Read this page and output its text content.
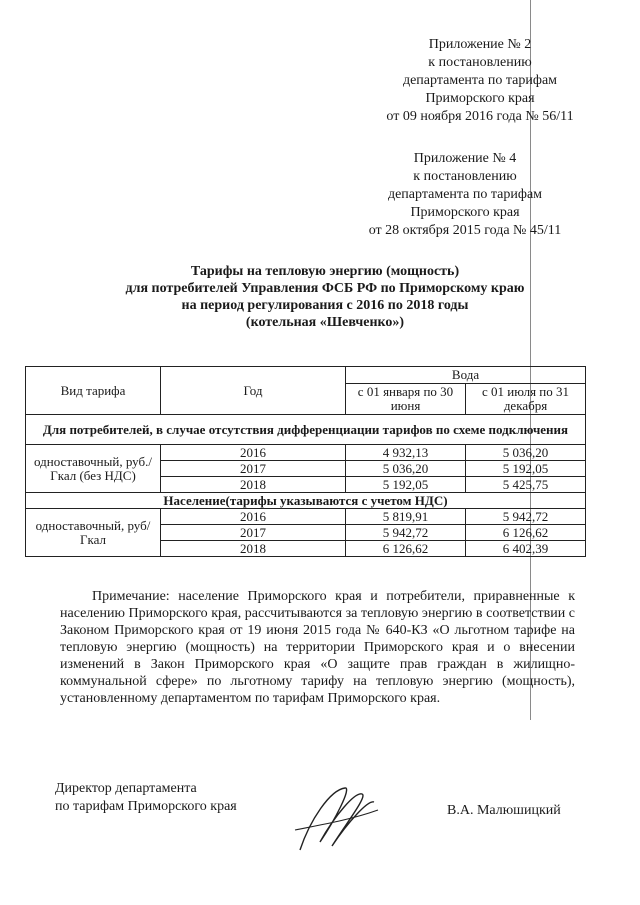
Приложение № 2
к постановлению
департамента по тарифам
Приморского края
от 09 ноября 2016 года № 56/11
Приложение № 4
к постановлению
департамента по тарифам
Приморского края
от 28 октября 2015 года № 45/11
Тарифы на тепловую энергию (мощность)
для потребителей Управления ФСБ РФ по Приморскому краю
на период регулирования с 2016 по 2018 годы
(котельная «Шевченко»)
Вид тарифа	Год	Вода	
		с 01 января по 30 июня	с 01 июля по 31 декабря
Для потребителей, в случае отсутствия дифференциации тарифов по схеме подключения			
одноставочный, руб./Гкал (без НДС)	2016	4 932,13	5 036,20
	2017	5 036,20	5 192,05
	2018	5 192,05	5 425,75
Население(тарифы указываются с учетом НДС)			
одноставочный, руб/Гкал	2016	5 819,91	5 942,72
	2017	5 942,72	6 126,62
	2018	6 126,62	6 402,39
Примечание: население Приморского края и потребители, приравненные к населению Приморского края, рассчитываются за тепловую энергию в соответствии с Законом Приморского края от 19 июня 2015 года № 640-КЗ «О льготном тарифе на тепловую энергию (мощность) на территории Приморского края и о внесении изменений в Закон Приморского края «О защите прав граждан в жилищно-коммунальной сфере» по льготному тарифу на тепловую энергию (мощность), установленному департаментом по тарифам Приморского края.
Директор департамента
по тарифам Приморского края	В.А. Малюшицкий
